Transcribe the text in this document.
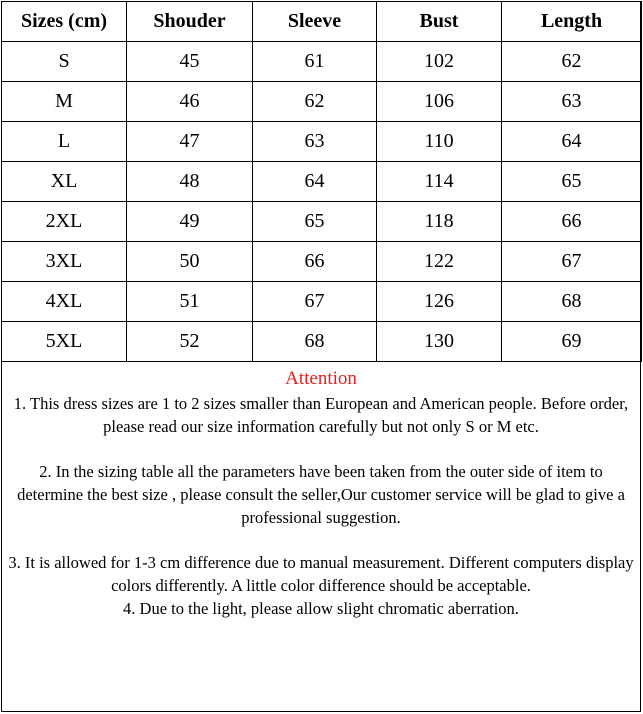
Sizes (cm)	Shouder	Sleeve	Bust	Length
S	45	61	102	62
M	46	62	106	63
L	47	63	110	64
XL	48	64	114	65
2XL	49	65	118	66
3XL	50	66	122	67
4XL	51	67	126	68
5XL	52	68	130	69
Attention
1. This dress sizes are 1 to 2 sizes smaller than European and American people. Before order, please read our size information carefully but not only S or M etc.
2. In the sizing table all the parameters have been taken from the outer side of item to determine the best size , please consult the seller,Our customer service will be glad to give a professional suggestion.
3. It is allowed for 1-3 cm difference due to manual measurement. Different computers display colors differently. A little color difference should be acceptable.
4. Due to the light, please allow slight chromatic aberration.
